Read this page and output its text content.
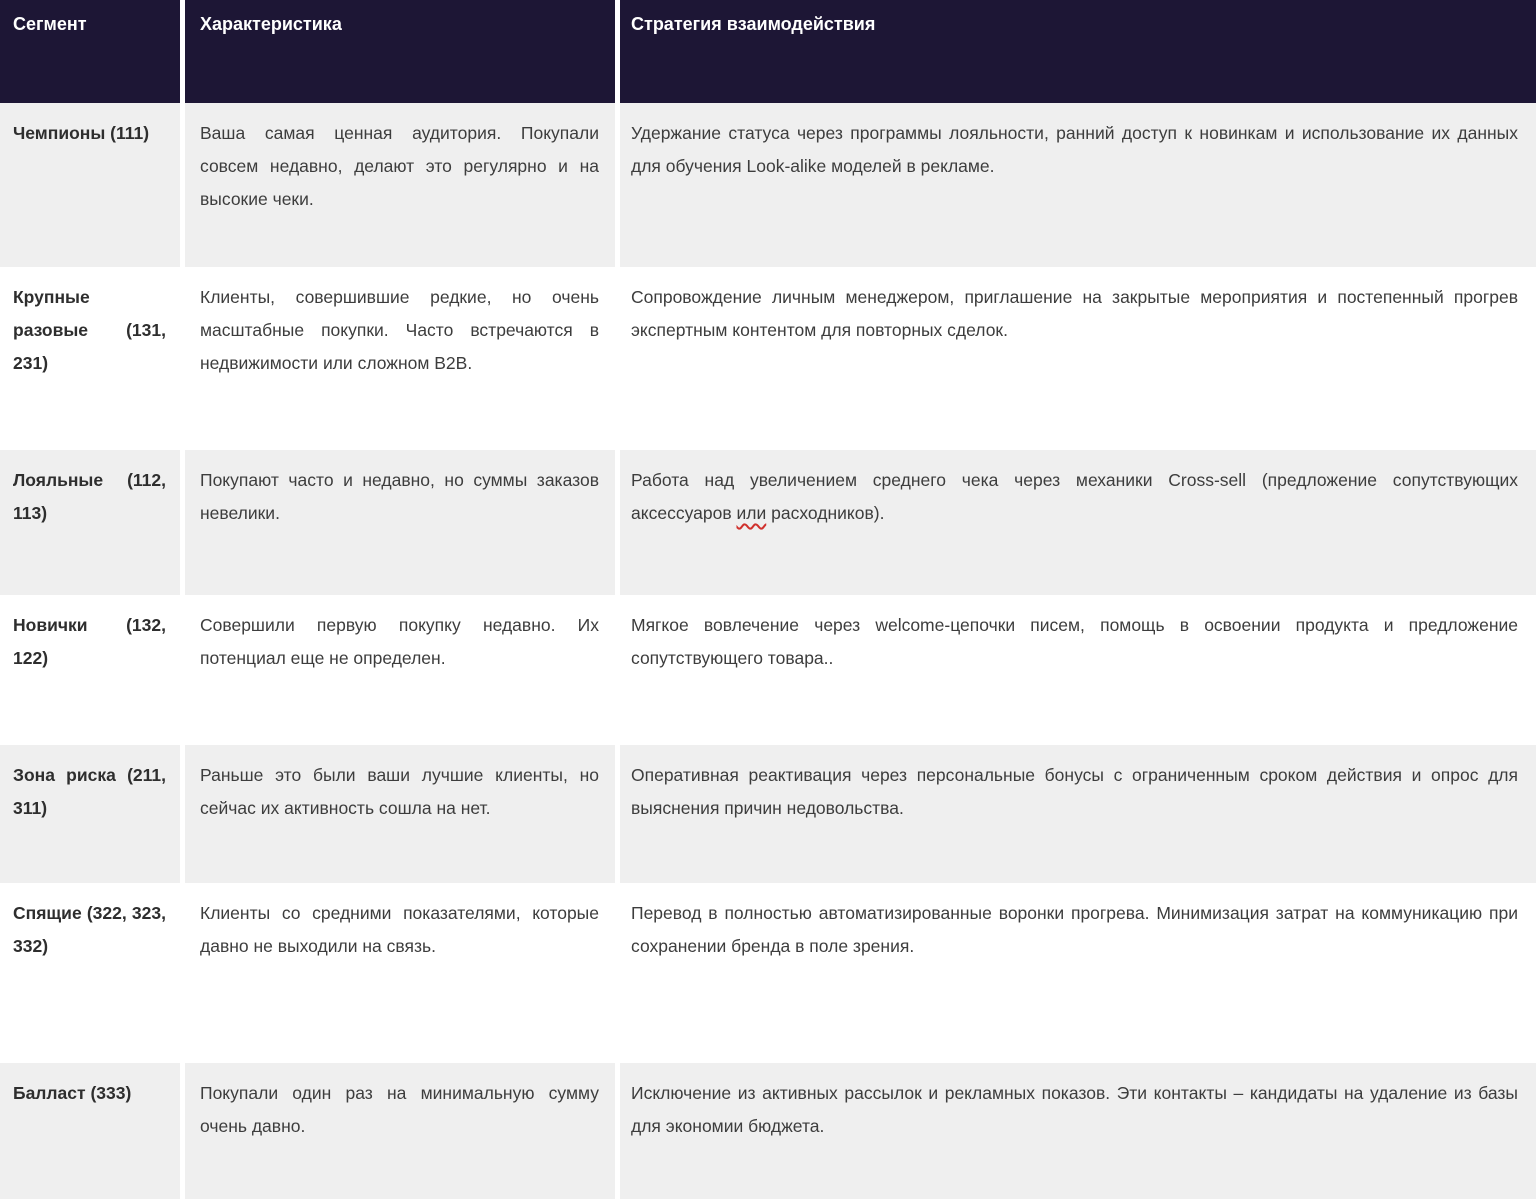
Сегмент	Характеристика	Стратегия взаимодействия
Чемпионы (111)	Ваша самая ценная аудитория. Покупали совсем недавно, делают это регулярно и на высокие чеки.	Удержание статуса через программы лояльности, ранний доступ к новинкам и использование их данных для обучения Look-alike моделей в рекламе.
Крупные разовые (131, 231)	Клиенты, совершившие редкие, но очень масштабные покупки. Часто встречаются в недвижимости или сложном B2B.	Сопровождение личным менеджером, приглашение на закрытые мероприятия и постепенный прогрев экспертным контентом для повторных сделок.
Лояльные (112, 113)	Покупают часто и недавно, но суммы заказов невелики.	Работа над увеличением среднего чека через механики Cross-sell (предложение сопутствующих аксессуаров или расходников).
Новички (132, 122)	Совершили первую покупку недавно. Их потенциал еще не определен.	Мягкое вовлечение через welcome-цепочки писем, помощь в освоении продукта и предложение сопутствующего товара..
Зона риска (211, 311)	Раньше это были ваши лучшие клиенты, но сейчас их активность сошла на нет.	Оперативная реактивация через персональные бонусы с ограниченным сроком действия и опрос для выяснения причин недовольства.
Спящие (322, 323, 332)	Клиенты со средними показателями, которые давно не выходили на связь.	Перевод в полностью автоматизированные воронки прогрева. Минимизация затрат на коммуникацию при сохранении бренда в поле зрения.
Балласт (333)	Покупали один раз на минимальную сумму очень давно.	Исключение из активных рассылок и рекламных показов. Эти контакты – кандидаты на удаление из базы для экономии бюджета.
